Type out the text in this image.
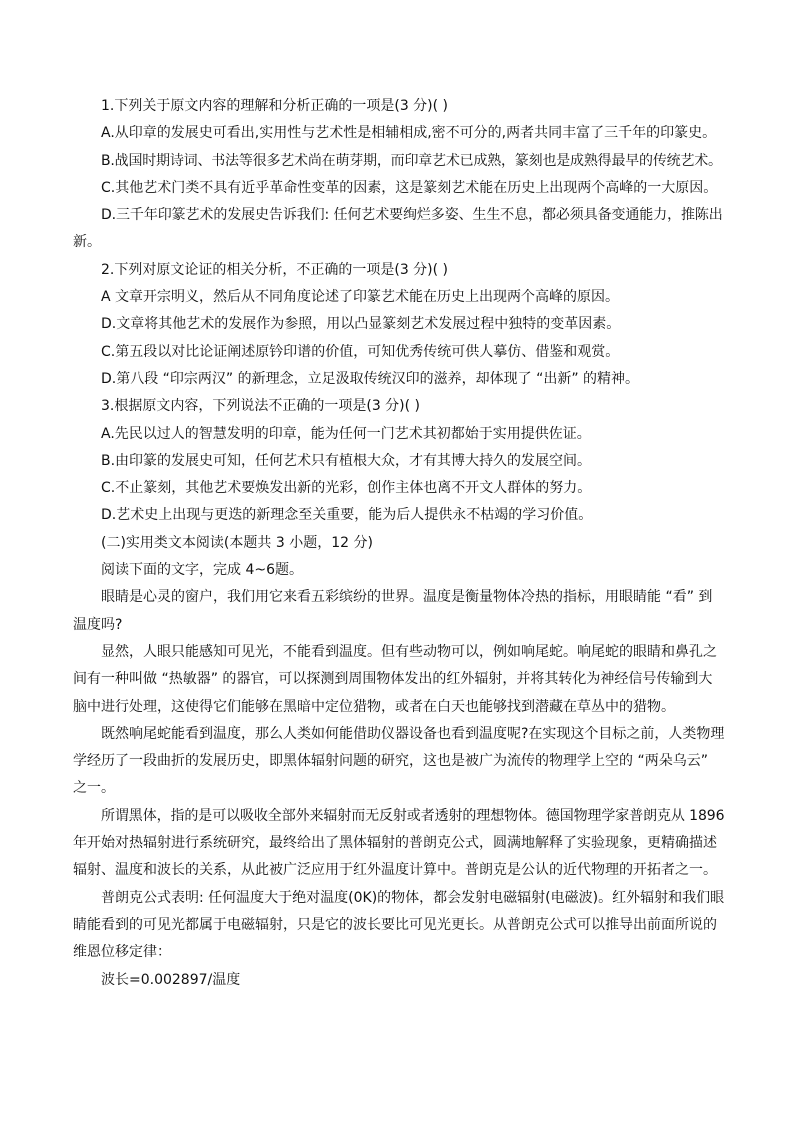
1.下列关于原文内容的理解和分析正确的一项是(3 分)( )
A.从印章的发展史可看出,实用性与艺术性是相辅相成,密不可分的,两者共同丰富了三千年的印篆史。
B.战国时期诗词、书法等很多艺术尚在萌芽期，而印章艺术已成熟，篆刻也是成熟得最早的传统艺术。
C.其他艺术门类不具有近乎革命性变革的因素，这是篆刻艺术能在历史上出现两个高峰的一大原因。
D.三千年印篆艺术的发展史告诉我们: 任何艺术要绚烂多姿、生生不息，都必须具备变通能力，推陈出
新。
2.下列对原文论证的相关分析，不正确的一项是(3 分)( )
A 文章开宗明义，然后从不同角度论述了印篆艺术能在历史上出现两个高峰的原因。
D.文章将其他艺术的发展作为参照，用以凸显篆刻艺术发展过程中独特的变革因素。
C.第五段以对比论证阐述原钤印谱的价值，可知优秀传统可供人摹仿、借鉴和观赏。
D.第八段 “印宗两汉” 的新理念，立足汲取传统汉印的滋养，却体现了 “出新” 的精神。
3.根据原文内容，下列说法不正确的一项是(3 分)( )
A.先民以过人的智慧发明的印章，能为任何一门艺术其初都始于实用提供佐证。
B.由印篆的发展史可知，任何艺术只有植根大众，才有其博大持久的发展空间。
C.不止篆刻，其他艺术要焕发出新的光彩，创作主体也离不开文人群体的努力。
D.艺术史上出现与更迭的新理念至关重要，能为后人提供永不枯竭的学习价值。
(二)实用类文本阅读(本题共 3 小题，12 分)
阅读下面的文字，完成 4~6题。
眼睛是心灵的窗户，我们用它来看五彩缤纷的世界。温度是衡量物体冷热的指标，用眼睛能 “看” 到
温度吗?
显然，人眼只能感知可见光，不能看到温度。但有些动物可以，例如响尾蛇。响尾蛇的眼睛和鼻孔之
间有一种叫做 “热敏器” 的器官，可以探测到周围物体发出的红外辐射，并将其转化为神经信号传输到大
脑中进行处理，这使得它们能够在黑暗中定位猎物，或者在白天也能够找到潜藏在草丛中的猎物。
既然响尾蛇能看到温度，那么人类如何能借助仪器设备也看到温度呢?在实现这个目标之前，人类物理
学经历了一段曲折的发展历史，即黑体辐射问题的研究，这也是被广为流传的物理学上空的 “两朵乌云”
之一。
所谓黑体，指的是可以吸收全部外来辐射而无反射或者透射的理想物体。德国物理学家普朗克从 1896
年开始对热辐射进行系统研究，最终给出了黑体辐射的普朗克公式，圆满地解释了实验现象，更精确描述
辐射、温度和波长的关系，从此被广泛应用于红外温度计算中。普朗克是公认的近代物理的开拓者之一。
普朗克公式表明: 任何温度大于绝对温度(0K)的物体，都会发射电磁辐射(电磁波)。红外辐射和我们眼
睛能看到的可见光都属于电磁辐射，只是它的波长要比可见光更长。从普朗克公式可以推导出前面所说的
维恩位移定律：
波长=0.002897/温度
